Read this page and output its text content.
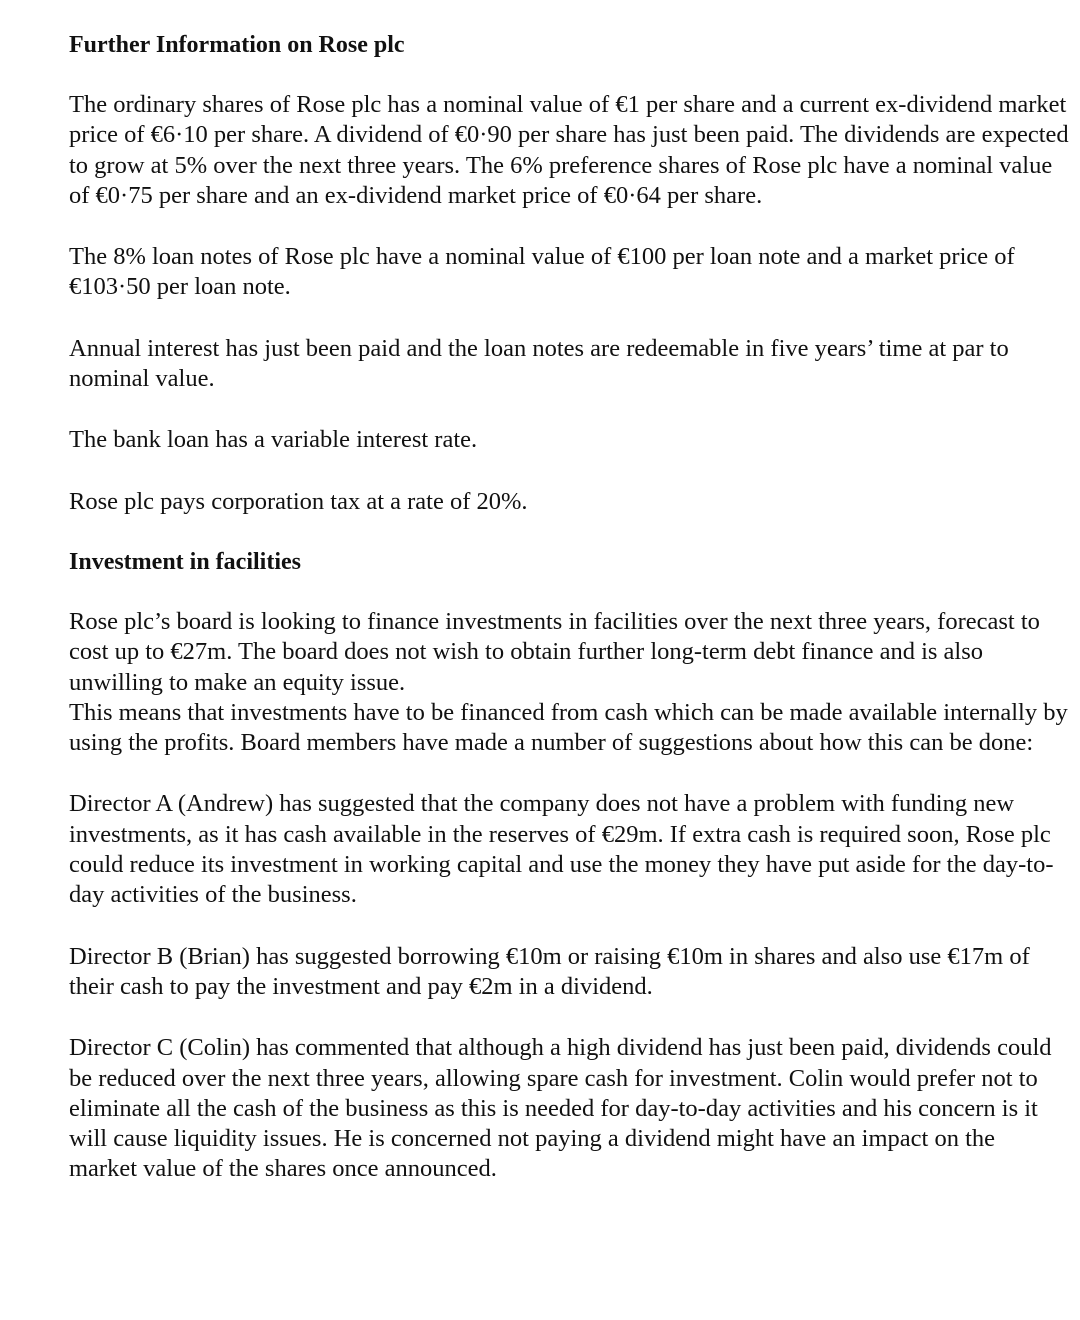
Further Information on Rose plc

The ordinary shares of Rose plc has a nominal value of €1 per share and a current ex-dividend market price of €6·10 per share. A dividend of €0·90 per share has just been paid. The dividends are expected to grow at 5% over the next three years. The 6% preference shares of Rose plc have a nominal value of €0·75 per share and an ex-dividend market price of €0·64 per share.

The 8% loan notes of Rose plc have a nominal value of €100 per loan note and a market price of €103·50 per loan note.

Annual interest has just been paid and the loan notes are redeemable in five years’ time at par to nominal value.

The bank loan has a variable interest rate.

Rose plc pays corporation tax at a rate of 20%.

Investment in facilities

Rose plc’s board is looking to finance investments in facilities over the next three years, forecast to cost up to €27m. The board does not wish to obtain further long-term debt finance and is also unwilling to make an equity issue.

This means that investments have to be financed from cash which can be made available internally by using the profits. Board members have made a number of suggestions about how this can be done:

Director A (Andrew) has suggested that the company does not have a problem with funding new investments, as it has cash available in the reserves of €29m. If extra cash is required soon, Rose plc could reduce its investment in working capital and use the money they have put aside for the day-to-day activities of the business.

Director B (Brian) has suggested borrowing €10m or raising €10m in shares and also use €17m of their cash to pay the investment and pay €2m in a dividend.

Director C (Colin) has commented that although a high dividend has just been paid, dividends could be reduced over the next three years, allowing spare cash for investment. Colin would prefer not to eliminate all the cash of the business as this is needed for day-to-day activities and his concern is it will cause liquidity issues. He is concerned not paying a dividend might have an impact on the market value of the shares once announced.
